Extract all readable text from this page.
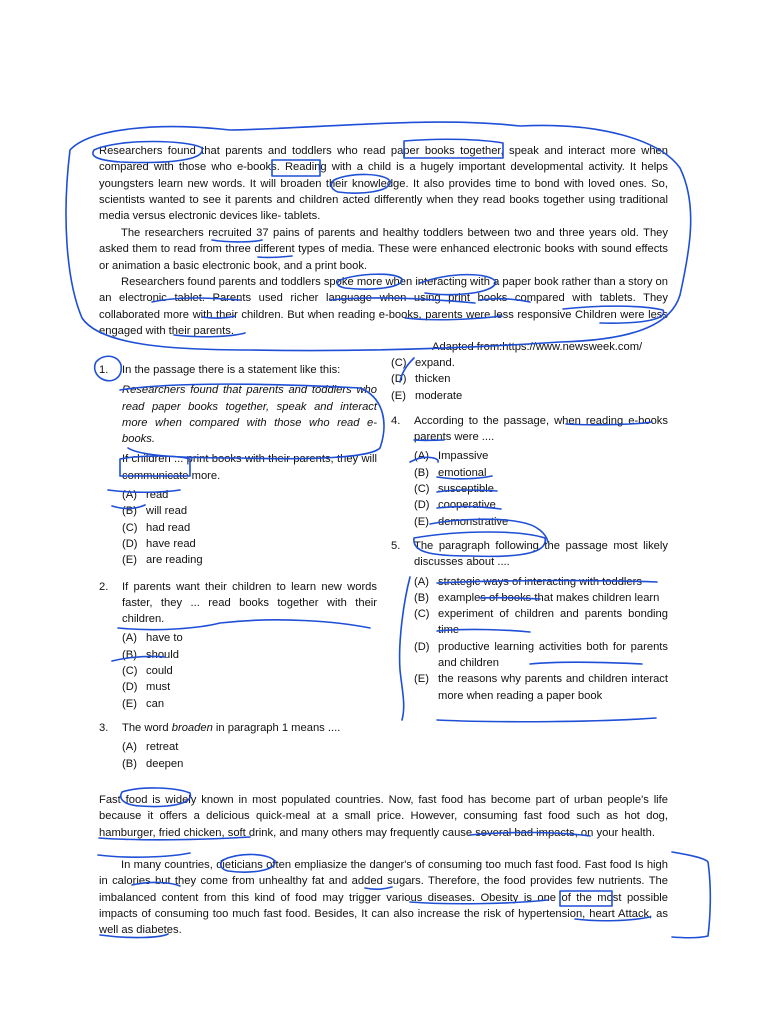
Researchers found that parents and toddlers who read paper books together, speak and interact more when compared with those who e-books. Reading with a child is a hugely important developmental activity. It helps youngsters learn new words. It will broaden their knowledge. It also provides time to bond with loved ones. So, scientists wanted to see it parents and children acted differently when they read books together using traditional media versus electronic devices like- tablets.

The researchers recruited 37 pains of parents and healthy toddlers between two and three years old. They asked them to read from three different types of media. These were enhanced electronic books with sound effects or animation a basic electronic book, and a print book.

Researchers found parents and toddlers spoke more when interacting with a paper book rather than a story on an electronic tablet. Parents used richer language when using print books compared with tablets. They collaborated more with their children. But when reading e-books, parents were less responsive Children were less engaged with their parents.

Adapted from:https://www.newsweek.com/
1. In the passage there is a statement like this:

Researchers found that parents and toddlers who read paper books together, speak and interact more when compared with those who read e-books.

If children ... print books with their parents, they will communicate more.

(A) read
(B) will read
(C) had read
(D) have read
(E) are reading
2. If parents want their children to learn new words faster, they ... read books together with their children.

(A) have to
(B) should
(C) could
(D) must
(E) can
3. The word broaden in paragraph 1 means ....

(A) retreat
(B) deepen
(C) expand.
(D) thicken
(E) moderate
4. According to the passage, when reading e-books parents were ....

(A) Impassive
(B) emotional
(C) susceptible
(D) cooperative
(E) demonstrative
5. The paragraph following the passage most likely discusses about ....

(A) strategic ways of interacting with toddlers
(B) examples of books that makes children learn
(C) experiment of children and parents bonding time
(D) productive learning activities both for parents and children
(E) the reasons why parents and children interact more when reading a paper book

Fast food is widely known in most populated countries. Now, fast food has become part of urban people's life because it offers a delicious quick-meal at a small price. However, consuming fast food such as hot dog, hamburger, fried chicken, soft drink, and many others may frequently cause several bad impacts, on your health.

In many countries, dieticians often empliasize the danger's of consuming too much fast food. Fast food Is high in calories but they come from unhealthy fat and added sugars. Therefore, the food provides few nutrients. The imbalanced content from this kind of food may trigger various diseases. Obesity is one of the most possible impacts of consuming too much fast food. Besides, It can also increase the risk of hypertension, heart Attack, as well as diabetes.
